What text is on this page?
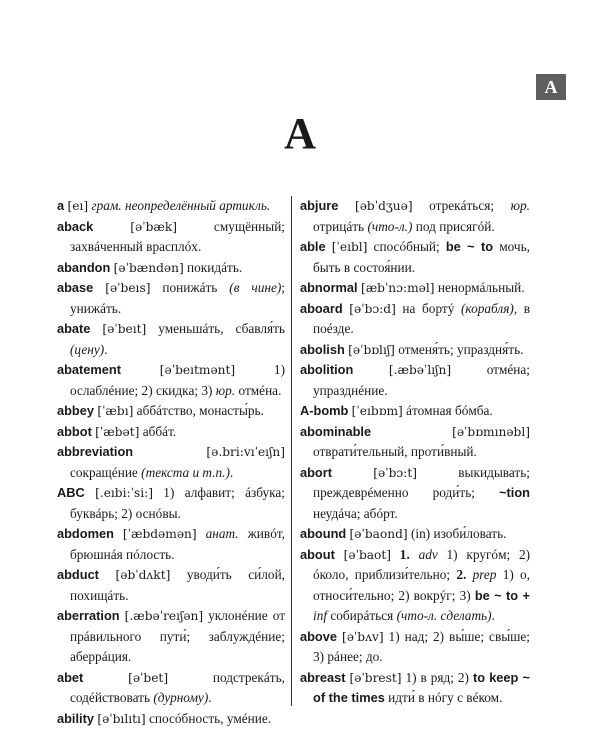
A
A

a [eı] грам. неопределённый артикль.

aback	[əˈbæk] смущённый; захвáченный врасплóх.

abandon [əˈbændən] покидáть.

abase [əˈbeıs] понижáть (в чине); унижáть.

abate [əˈbeıt] уменьшáть, сбавля́ть (цену).

abatement	[əˈbeıtmənt] 1) ослаблéние; 2) скидка; 3) юр. отмéна.

abbey [ˈæbı] аббáтство, монасты́рь.

abbot [ˈæbət] аббáт.

abbreviation	[ə.bri:vıˈeıʃn] сокращéние (текста и т.п.).

ABC [.eıbi:ˈsi:] 1) алфавит; áзбука; буквáрь; 2) оснóвы.

abdomen [ˈæbdəmən] анат. живóт, брюшнáя пóлость.

abduct [əbˈdʌkt] уводи́ть си́лой, похищáть.

aberration [.æbəˈreıʃən] уклонéние от прáвильного пути́; заблуждéние; аберрáция.

abet	[əˈbet] подстрекáть, содéйствовать (дурному).

ability [əˈbılıtı] спосóбность, умéние.

abjure [əbˈdʒuə] отрекáться; юр. отрицáть (что-л.) под присягóй.

able [ˈeıbl] спосóбный; be ~ to мочь, быть в состоя́нии.

abnormal [æbˈnɔ:məl] ненормáльный.

aboard [əˈbɔ:d] на бортý (корабля), в поéзде.

abolish [əˈbɒlıʃ] отменя́ть; упраздня́ть.

abolition	[.æbəˈlıʃn] отмéна; упразднéние.

A-bomb [ˈeıbɒm] áтомная бóмба.

abominable	[əˈbɒmınəbl] отврати́тельный, проти́вный.

abort	[əˈbɔ:t] выкидывать; преждеврéменно роди́ть; ~tion неудáча; абóрт.

abound [əˈbaond] (in) изоби́ловать.

about [əˈbaot] 1. adv 1) кругóм; 2) óколо, приблизи́тельно; 2. prep 1) о, относи́тельно; 2) вокрýг; 3) be ~ to + inf собирáться (что-л. сделать).

above [əˈbʌv] 1) над; 2) вы́ше; свы́ше; 3) рáнее; до.

abreast [əˈbrest] 1) в ряд; 2) to keep ~ of the times идти́ в нóгу с вéком.
